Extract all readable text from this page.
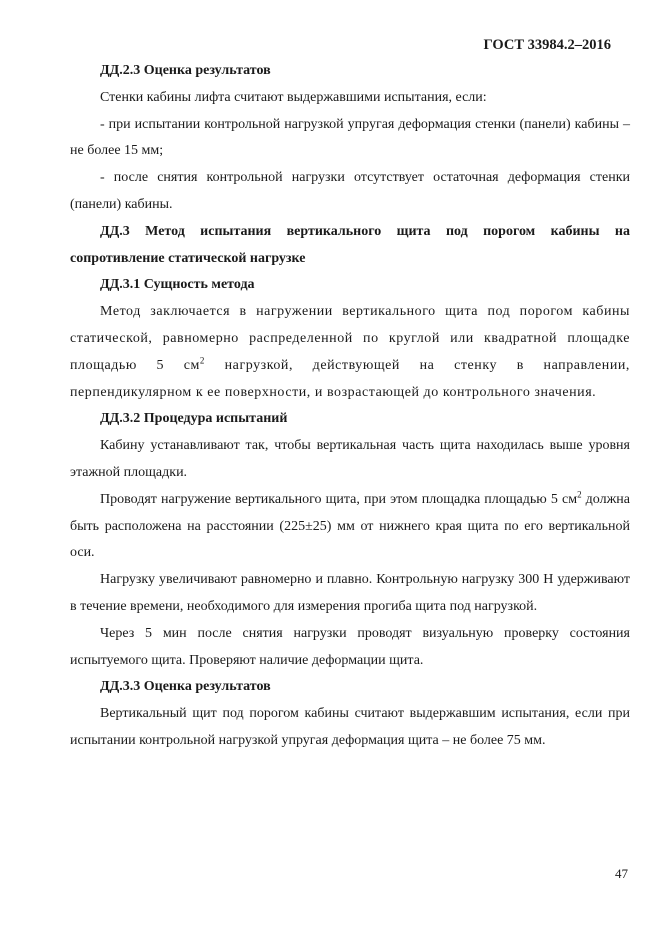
ГОСТ 33984.2–2016

ДД.2.3 Оценка результатов

Стенки кабины лифта считают выдержавшими испытания, если:

- при испытании контрольной нагрузкой упругая деформация стенки (панели) кабины – не более 15 мм;

- после снятия контрольной нагрузки отсутствует остаточная деформация стенки (панели) кабины.

ДД.3 Метод испытания вертикального щита под порогом кабины на сопротивление статической нагрузке

ДД.3.1 Сущность метода

Метод заключается в нагружении вертикального щита под порогом кабины статической, равномерно распределенной по круглой или квадратной площадке площадью 5 $см^2$ нагрузкой, действующей на стенку в направлении, перпендикулярном к ее поверхности, и возрастающей до контрольного значения.

ДД.3.2 Процедура испытаний

Кабину устанавливают так, чтобы вертикальная часть щита находилась выше уровня этажной площадки.

Проводят нагружение вертикального щита, при этом площадка площадью 5 $см^2$ должна быть расположена на расстоянии (225±25) мм от нижнего края щита по его вертикальной оси.

Нагрузку увеличивают равномерно и плавно. Контрольную нагрузку 300 Н удерживают в течение времени, необходимого для измерения прогиба щита под нагрузкой.

Через 5 мин после снятия нагрузки проводят визуальную проверку состояния испытуемого щита. Проверяют наличие деформации щита.

ДД.3.3 Оценка результатов

Вертикальный щит под порогом кабины считают выдержавшим испытания, если при испытании контрольной нагрузкой упругая деформация щита – не более 75 мм.

47
